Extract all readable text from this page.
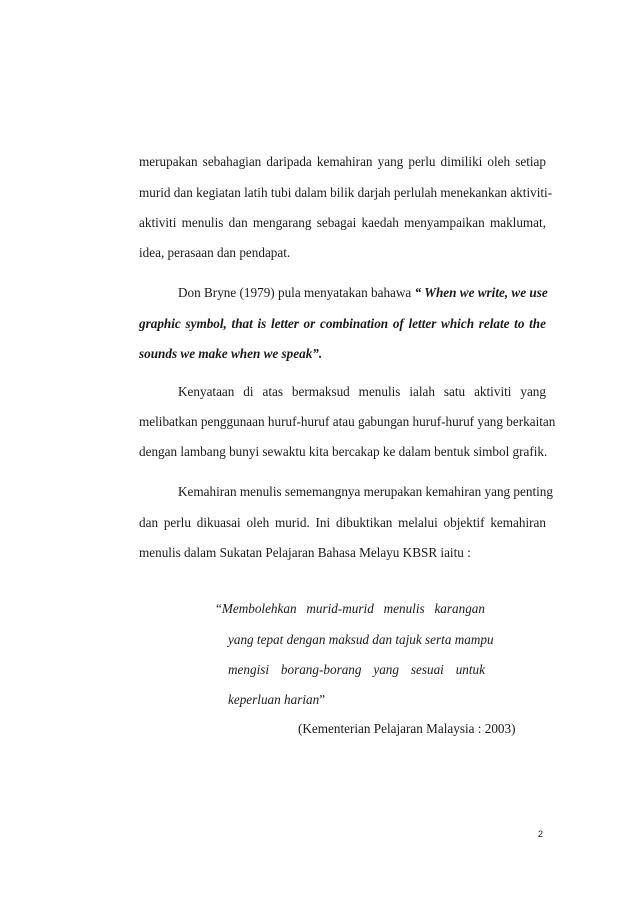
merupakan sebahagian daripada kemahiran yang perlu dimiliki oleh setiap
murid dan kegiatan latih tubi dalam bilik darjah perlulah menekankan aktiviti-
aktiviti menulis dan mengarang sebagai kaedah menyampaikan maklumat,
idea, perasaan dan pendapat.
Don Bryne (1979) pula menyatakan bahawa “ When we write, we use
graphic symbol, that is letter or combination of letter which relate to the
sounds we make when we speak”.
Kenyataan di atas bermaksud menulis ialah satu aktiviti yang
melibatkan penggunaan huruf-huruf atau gabungan huruf-huruf yang berkaitan
dengan lambang bunyi sewaktu kita bercakap ke dalam bentuk simbol grafik.
Kemahiran menulis sememangnya merupakan kemahiran yang penting
dan perlu dikuasai oleh murid. Ini dibuktikan melalui objektif kemahiran
menulis dalam Sukatan Pelajaran Bahasa Melayu KBSR iaitu :
“Membolehkan murid-murid menulis karangan
yang tepat dengan maksud dan tajuk serta mampu
mengisi borang-borang yang sesuai untuk
keperluan harian”
(Kementerian Pelajaran Malaysia : 2003)
2
